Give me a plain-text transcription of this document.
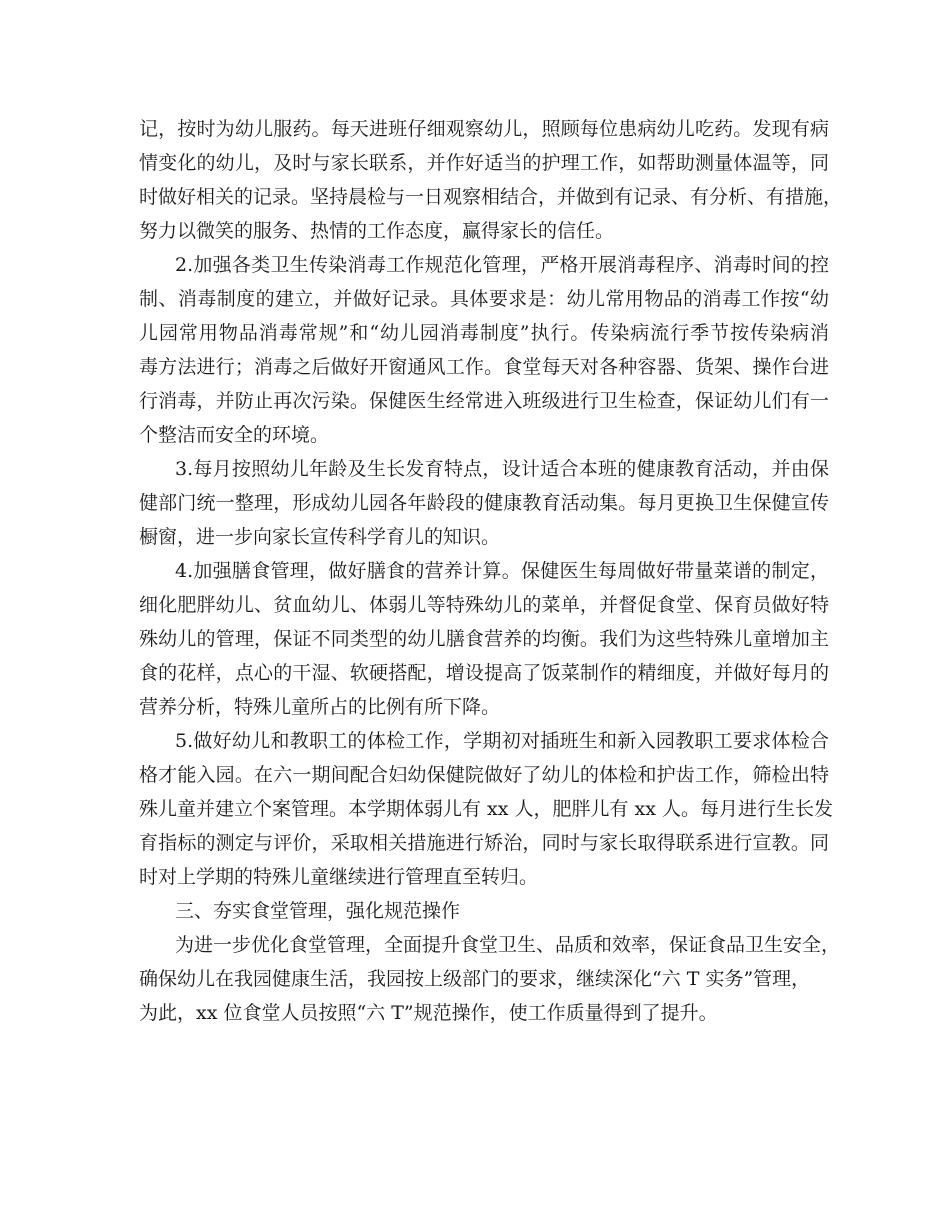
记，按时为幼儿服药。每天进班仔细观察幼儿，照顾每位患病幼儿吃药。发现有病
情变化的幼儿，及时与家长联系，并作好适当的护理工作，如帮助测量体温等，同
时做好相关的记录。坚持晨检与一日观察相结合，并做到有记录、有分析、有措施，
努力以微笑的服务、热情的工作态度，赢得家长的信任。
2.加强各类卫生传染消毒工作规范化管理，严格开展消毒程序、消毒时间的控
制、消毒制度的建立，并做好记录。具体要求是：幼儿常用物品的消毒工作按“幼
儿园常用物品消毒常规”和“幼儿园消毒制度”执行。传染病流行季节按传染病消
毒方法进行；消毒之后做好开窗通风工作。食堂每天对各种容器、货架、操作台进
行消毒，并防止再次污染。保健医生经常进入班级进行卫生检查，保证幼儿们有一
个整洁而安全的环境。
3.每月按照幼儿年龄及生长发育特点，设计适合本班的健康教育活动，并由保
健部门统一整理，形成幼儿园各年龄段的健康教育活动集。每月更换卫生保健宣传
橱窗，进一步向家长宣传科学育儿的知识。
4.加强膳食管理，做好膳食的营养计算。保健医生每周做好带量菜谱的制定，
细化肥胖幼儿、贫血幼儿、体弱儿等特殊幼儿的菜单，并督促食堂、保育员做好特
殊幼儿的管理，保证不同类型的幼儿膳食营养的均衡。我们为这些特殊儿童增加主
食的花样，点心的干湿、软硬搭配，增设提高了饭菜制作的精细度，并做好每月的
营养分析，特殊儿童所占的比例有所下降。
5.做好幼儿和教职工的体检工作，学期初对插班生和新入园教职工要求体检合
格才能入园。在六一期间配合妇幼保健院做好了幼儿的体检和护齿工作，筛检出特
殊儿童并建立个案管理。本学期体弱儿有 xx 人，肥胖儿有 xx 人。每月进行生长发
育指标的测定与评价，采取相关措施进行矫治，同时与家长取得联系进行宣教。同
时对上学期的特殊儿童继续进行管理直至转归。
三、夯实食堂管理，强化规范操作
为进一步优化食堂管理，全面提升食堂卫生、品质和效率，保证食品卫生安全，
确保幼儿在我园健康生活，我园按上级部门的要求，继续深化“六 T 实务”管理，
为此，xx 位食堂人员按照“六 T”规范操作，使工作质量得到了提升。
